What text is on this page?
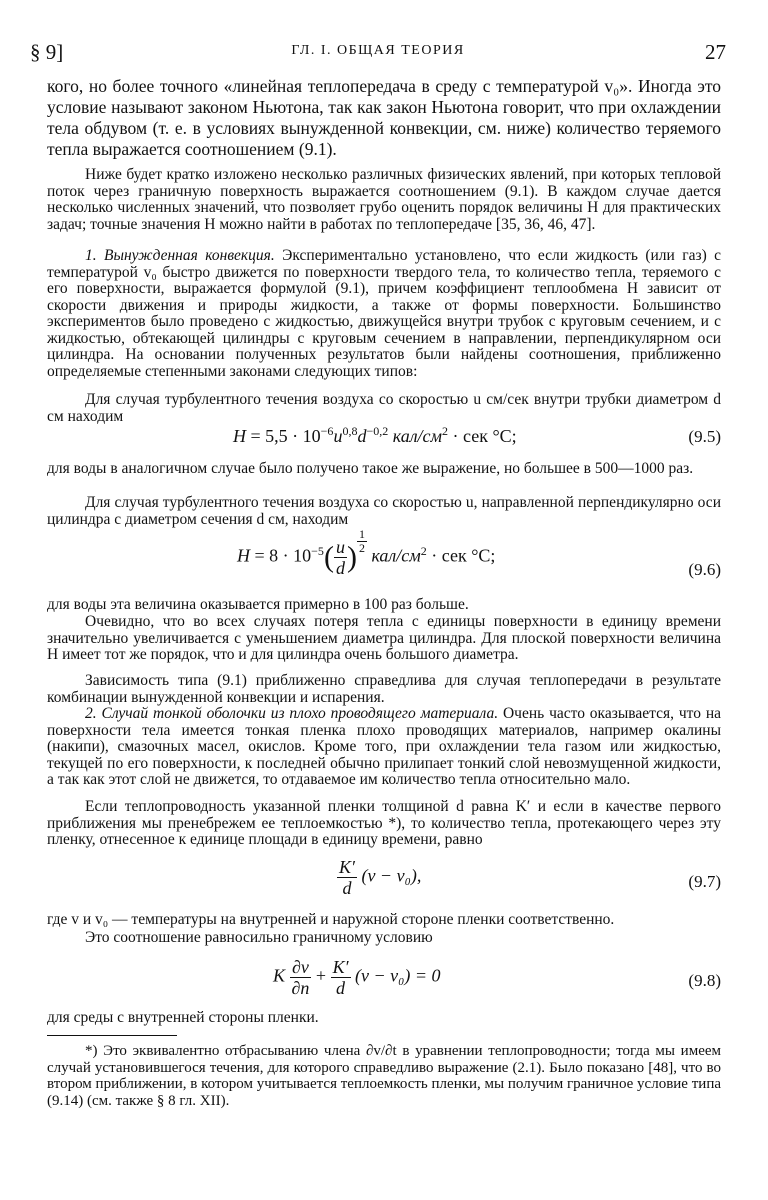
§ 9]	ГЛ. I. ОБЩАЯ ТЕОРИЯ	27

кого, но более точного «линейная теплопередача в среду с температурой v₀». Иногда это условие называют законом Ньютона, так как закон Ньютона говорит, что при охлаждении тела обдувом (т. е. в условиях вынужденной конвекции, см. ниже) количество теряемого тепла выражается соотношением (9.1).

Ниже будет кратко изложено несколько различных физических явлений, при которых тепловой поток через граничную поверхность выражается соотношением (9.1). В каждом случае дается несколько численных значений, что позволяет грубо оценить порядок величины H для практических задач; точные значения H можно найти в работах по теплопередаче [35, 36, 46, 47].

1. Вынужденная конвекция. Экспериментально установлено, что если жидкость (или газ) с температурой v₀ быстро движется по поверхности твердого тела, то количество тепла, теряемого с его поверхности, выражается формулой (9.1), причем коэффициент теплообмена H зависит от скорости движения и природы жидкости, а также от формы поверхности. Большинство экспериментов было проведено с жидкостью, движущейся внутри трубок с круговым сечением, и с жидкостью, обтекающей цилиндры с круговым сечением в направлении, перпендикулярном оси цилиндра. На основании полученных результатов были найдены соотношения, приближенно определяемые степенными законами следующих типов:

Для случая турбулентного течения воздуха со скоростью u см/сек внутри трубки диаметром d см находим

$H = 5,5 \cdot 10^{-6}u^{0,8}d^{-0,2}$ кал/$см^2$ · сек °C;	(9.5)

для воды в аналогичном случае было получено такое же выражение, но большее в 500—1000 раз.

Для случая турбулентного течения воздуха со скоростью u, направленной перпендикулярно оси цилиндра с диаметром сечения d см, находим

$H = 8 \cdot 10^{-5}( \frac{u}{d}$ ) $\frac{1}{2}$
кал/$см^2$ · сек °C;
(9.6)

для воды эта величина оказывается примерно в 100 раз больше.

Очевидно, что во всех случаях потеря тепла с единицы поверхности в единицу времени значительно увеличивается с уменьшением диаметра цилиндра. Для плоской поверхности величина H имеет тот же порядок, что и для цилиндра очень большого диаметра.

Зависимость типа (9.1) приближенно справедлива для случая теплопередачи в результате комбинации вынужденной конвекции и испарения.

2. Случай тонкой оболочки из плохо проводящего материала. Очень часто оказывается, что на поверхности тела имеется тонкая пленка плохо проводящих материалов, например окалины (накипи), смазочных масел, окислов. Кроме того, при охлаждении тела газом или жидкостью, текущей по его поверхности, к последней обычно прилипает тонкий слой невозмущенной жидкости, а так как этот слой не движется, то отдаваемое им количество тепла относительно мало.

Если теплопроводность указанной пленки толщиной d равна K′ и если в качестве первого приближения мы пренебрежем ее теплоемкостью *), то количество тепла, протекающего через эту пленку, отнесенное к единице площади в единицу времени, равно

$\frac{K'}{d} (v - v_0)$,	(9.7)

где v и v₀ — температуры на внутренней и наружной стороне пленки соответственно.

Это соотношение равносильно граничному условию

K $\frac{\partial v}{\partial n} + \frac{K'}{d} (v - v_0) = 0$	(9.8)

для среды с внутренней стороны пленки.

*) Это эквивалентно отбрасыванию члена ∂v/∂t в уравнении теплопроводности; тогда мы имеем случай установившегося течения, для которого справедливо выражение (2.1). Было показано [48], что во втором приближении, в котором учитывается теплоемкость пленки, мы получим граничное условие типа (9.14) (см. также § 8 гл. XII).
